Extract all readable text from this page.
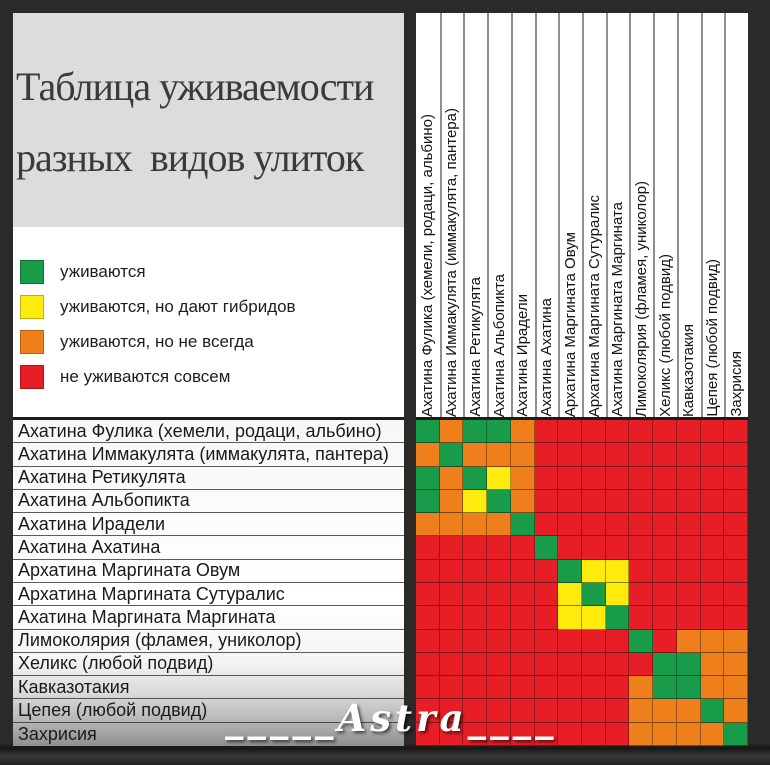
Таблица уживаемости
разных  видов улиток
уживаются
уживаются, но дают гибридов
уживаются, но не всегда
не уживаются совсем
Ахатина Фулика (хемели, родаци, альбино)
Ахатина Иммакулята (иммакулята, пантера)
Ахатина Ретикулята
Ахатина Альбопикта
Ахатина Ирадели
Ахатина Ахатина
Архатина Маргината Овум
Архатина Маргината Сутуралис
Ахатина Маргината Маргината
Лимоколярия (фламея, униколор)
Хеликс (любой подвид)
Кавказотакия
Цепея (любой подвид)
Захрисия
Ахатина Фулика (хемели, родаци, альбино) Ахатина Иммакулята (иммакулята, пантера) Ахатина Ретикулята Ахатина Альбопикта Ахатина Ирадели Ахатина Ахатина Архатина Маргината Овум Архатина Маргината Сутуралис Ахатина Маргината Маргината Лимоколярия (фламея, униколор) Хеликс (любой подвид) Кавказотакия Цепея (любой подвид) Захрисия
_____Astra____
